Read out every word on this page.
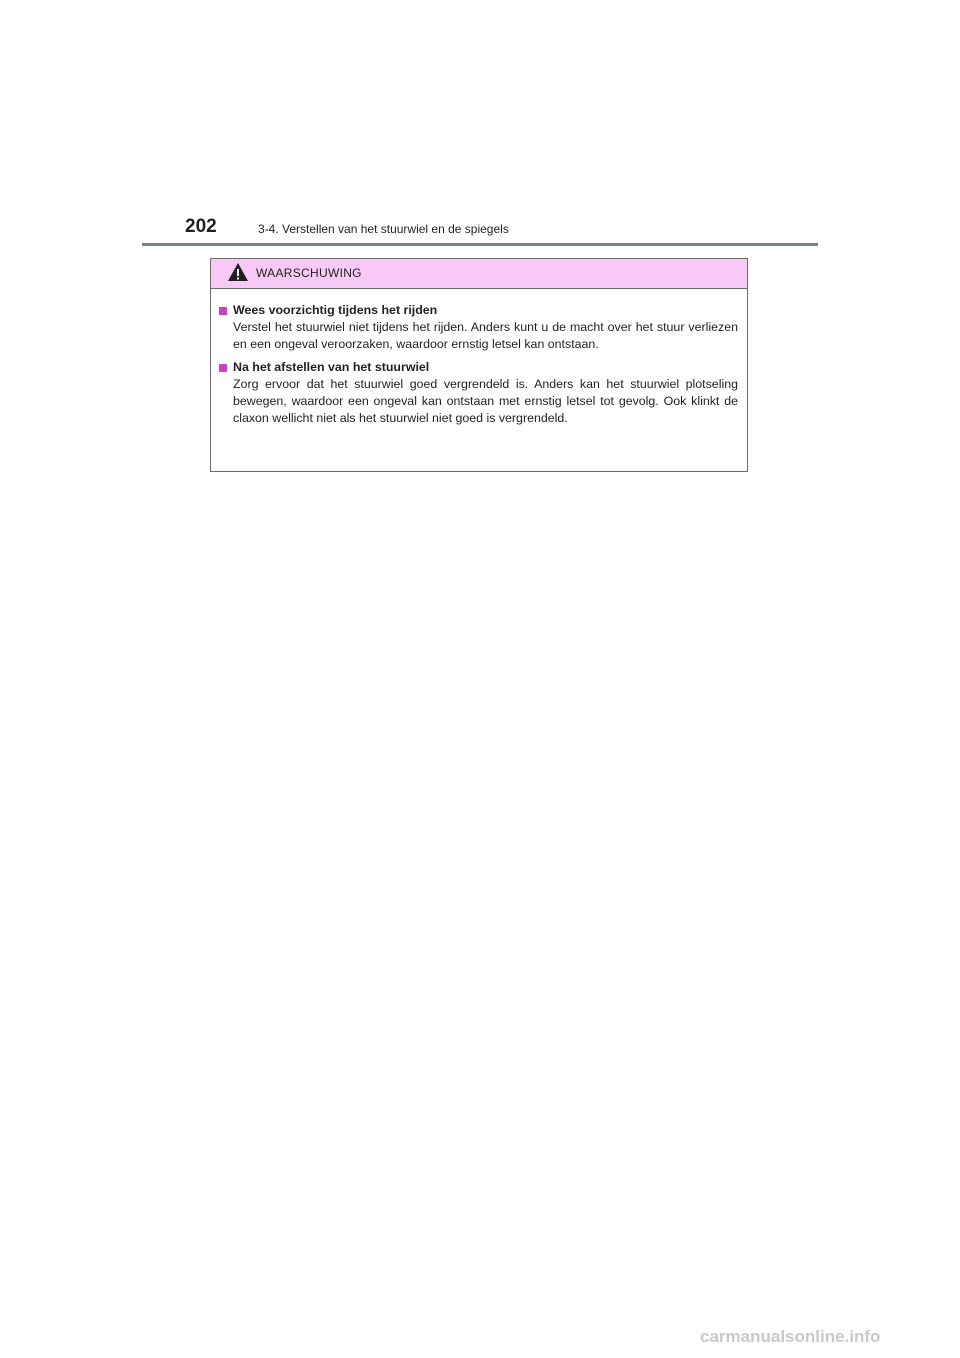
202	3-4. Verstellen van het stuurwiel en de spiegels
WAARSCHUWING
Wees voorzichtig tijdens het rijden
Verstel het stuurwiel niet tijdens het rijden. Anders kunt u de macht over het stuur verliezen en een ongeval veroorzaken, waardoor ernstig letsel kan ontstaan.
Na het afstellen van het stuurwiel
Zorg ervoor dat het stuurwiel goed vergrendeld is. Anders kan het stuurwiel plotseling bewegen, waardoor een ongeval kan ontstaan met ernstig letsel tot gevolg. Ook klinkt de claxon wellicht niet als het stuurwiel niet goed is vergrendeld.
carmanualsonline.info
